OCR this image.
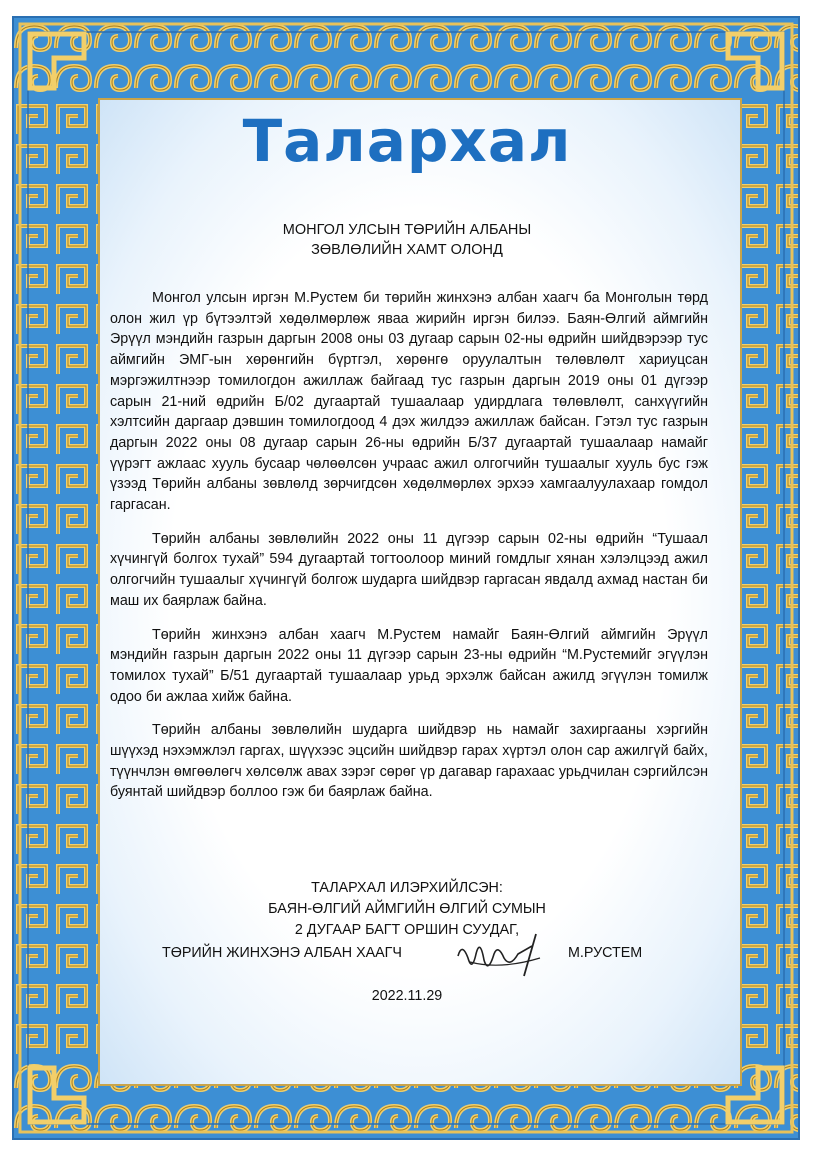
Талархал
МОНГОЛ УЛСЫН ТӨРИЙН АЛБАНЫ
ЗӨВЛӨЛИЙН ХАМТ ОЛОНД

Монгол улсын иргэн М.Рустем би төрийн жинхэнэ албан хаагч ба Монголын төрд олон жил үр бүтээлтэй хөдөлмөрлөж яваа жирийн иргэн билээ. Баян-Өлгий аймгийн Эрүүл мэндийн газрын даргын 2008 оны 03 дугаар сарын 02-ны өдрийн шийдвэрээр тус аймгийн ЭМГ-ын хөрөнгийн бүртгэл, хөрөнгө оруулалтын төлөвлөлт хариуцсан мэргэжилтнээр томилогдон ажиллаж байгаад тус газрын даргын 2019 оны 01 дүгээр сарын 21-ний өдрийн Б/02 дугаартай тушаалаар удирдлага төлөвлөлт, санхүүгийн хэлтсийн даргаар дэвшин томилогдоод 4 дэх жилдээ ажиллаж байсан. Гэтэл тус газрын даргын 2022 оны 08 дугаар сарын 26-ны өдрийн Б/37 дугаартай тушаалаар намайг үүрэгт ажлаас хууль бусаар чөлөөлсөн учраас ажил олгогчийн тушаалыг хууль бус гэж үзээд Төрийн албаны зөвлөлд зөрчигдсөн хөдөлмөрлөх эрхээ хамгаалуулахаар гомдол гаргасан.

Төрийн албаны зөвлөлийн 2022 оны 11 дүгээр сарын 02-ны өдрийн “Тушаал хүчингүй болгох тухай” 594 дугаартай тогтоолоор миний гомдлыг хянан хэлэлцээд ажил олгогчийн тушаалыг хүчингүй болгож шударга шийдвэр гаргасан явдалд ахмад настан би маш их баярлаж байна.

Төрийн жинхэнэ албан хаагч М.Рустем намайг Баян-Өлгий аймгийн Эрүүл мэндийн газрын даргын 2022 оны 11 дүгээр сарын 23-ны өдрийн “М.Рустемийг эгүүлэн томилох тухай” Б/51 дугаартай тушаалаар урьд эрхэлж байсан ажилд эгүүлэн томилж одоо би ажлаа хийж байна.

Төрийн албаны зөвлөлийн шударга шийдвэр нь намайг захиргааны хэргийн шүүхэд нэхэмжлэл гаргах, шүүхээс эцсийн шийдвэр гарах хүртэл олон сар ажилгүй байх, түүнчлэн өмгөөлөгч хөлсөлж авах зэрэг сөрөг үр дагавар гарахаас урьдчилан сэргийлсэн буянтай шийдвэр боллоо гэж би баярлаж байна.

ТАЛАРХАЛ ИЛЭРХИЙЛСЭН:
БАЯН-ӨЛГИЙ АЙМГИЙН ӨЛГИЙ СУМЫН
2 ДУГААР БАГТ ОРШИН СУУДАГ,
ТӨРИЙН ЖИНХЭНЭ АЛБАН ХААГЧ	М.РУСТЕМ
2022.11.29
